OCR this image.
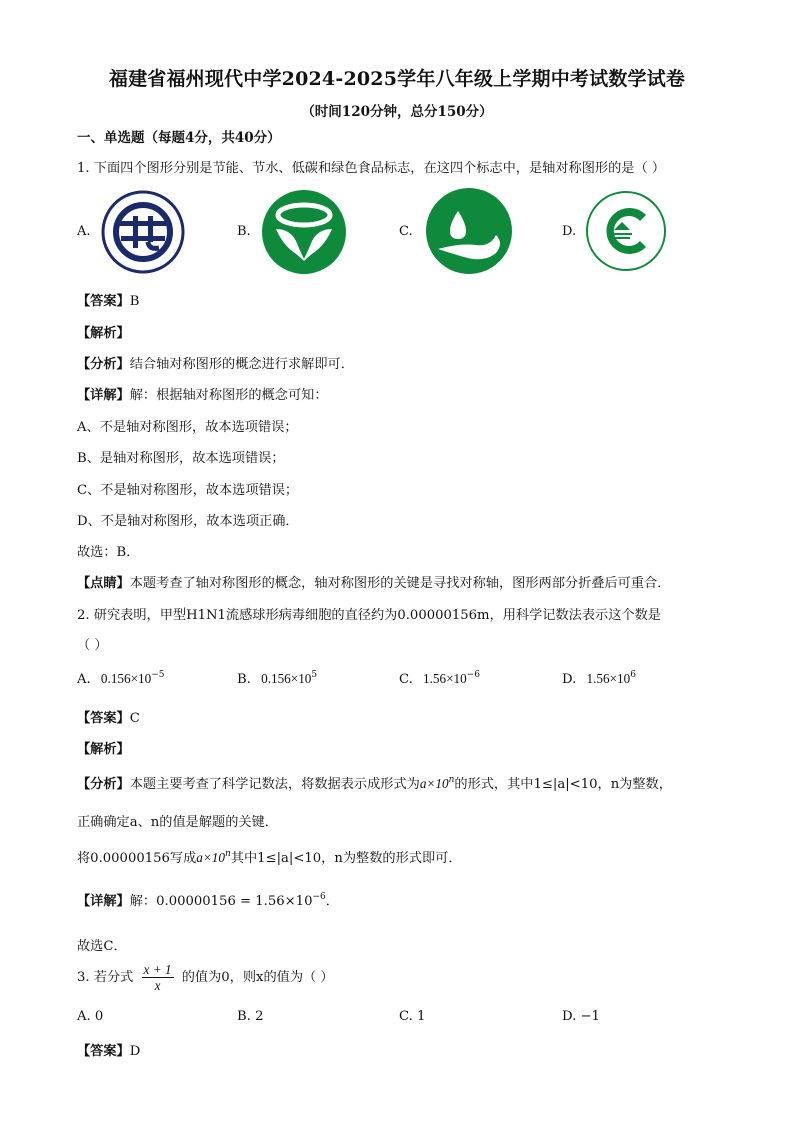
福建省福州现代中学2024-2025学年八年级上学期中考试数学试卷
（时间120分钟，总分150分）
一、单选题（每题4分，共40分）
1. 下面四个图形分别是节能、节水、低碳和绿色食品标志，在这四个标志中，是轴对称图形的是（ ）
A.	B.	C.	D.
【答案】B
【解析】
【分析】结合轴对称图形的概念进行求解即可．
【详解】解：根据轴对称图形的概念可知：
A、不是轴对称图形，故本选项错误；
B、是轴对称图形，故本选项错误；
C、不是轴对称图形，故本选项错误；
D、不是轴对称图形，故本选项正确．
故选：B．
【点睛】本题考查了轴对称图形的概念，轴对称图形的关键是寻找对称轴，图形两部分折叠后可重合．
2. 研究表明，甲型H1N1流感球形病毒细胞的直径约为0.00000156m，用科学记数法表示这个数是
（ ）
A. $0.156\times 10^{-5}$	B. $0.156\times 10^5$	C. $1.56\times 10^{-6}$	D. $1.56\times 10^6$
【答案】C
【解析】
【分析】本题主要考查了科学记数法，将数据表示成形式为$a\times 10^n$的形式，其中1≤|a|<10，n为整数，
正确确定a、n的值是解题的关键．
将0.00000156写成$a\times 10^n$其中1≤|a|<10，n为整数的形式即可．
【详解】解：$0.00000156 = 1.56\times 10^{-6}$．
故选C．
3. 若分式 $\frac{x + 1}{x}$ 的值为0，则x的值为（ ）
A. 0	B. 2	C. 1	D. −1
【答案】D
